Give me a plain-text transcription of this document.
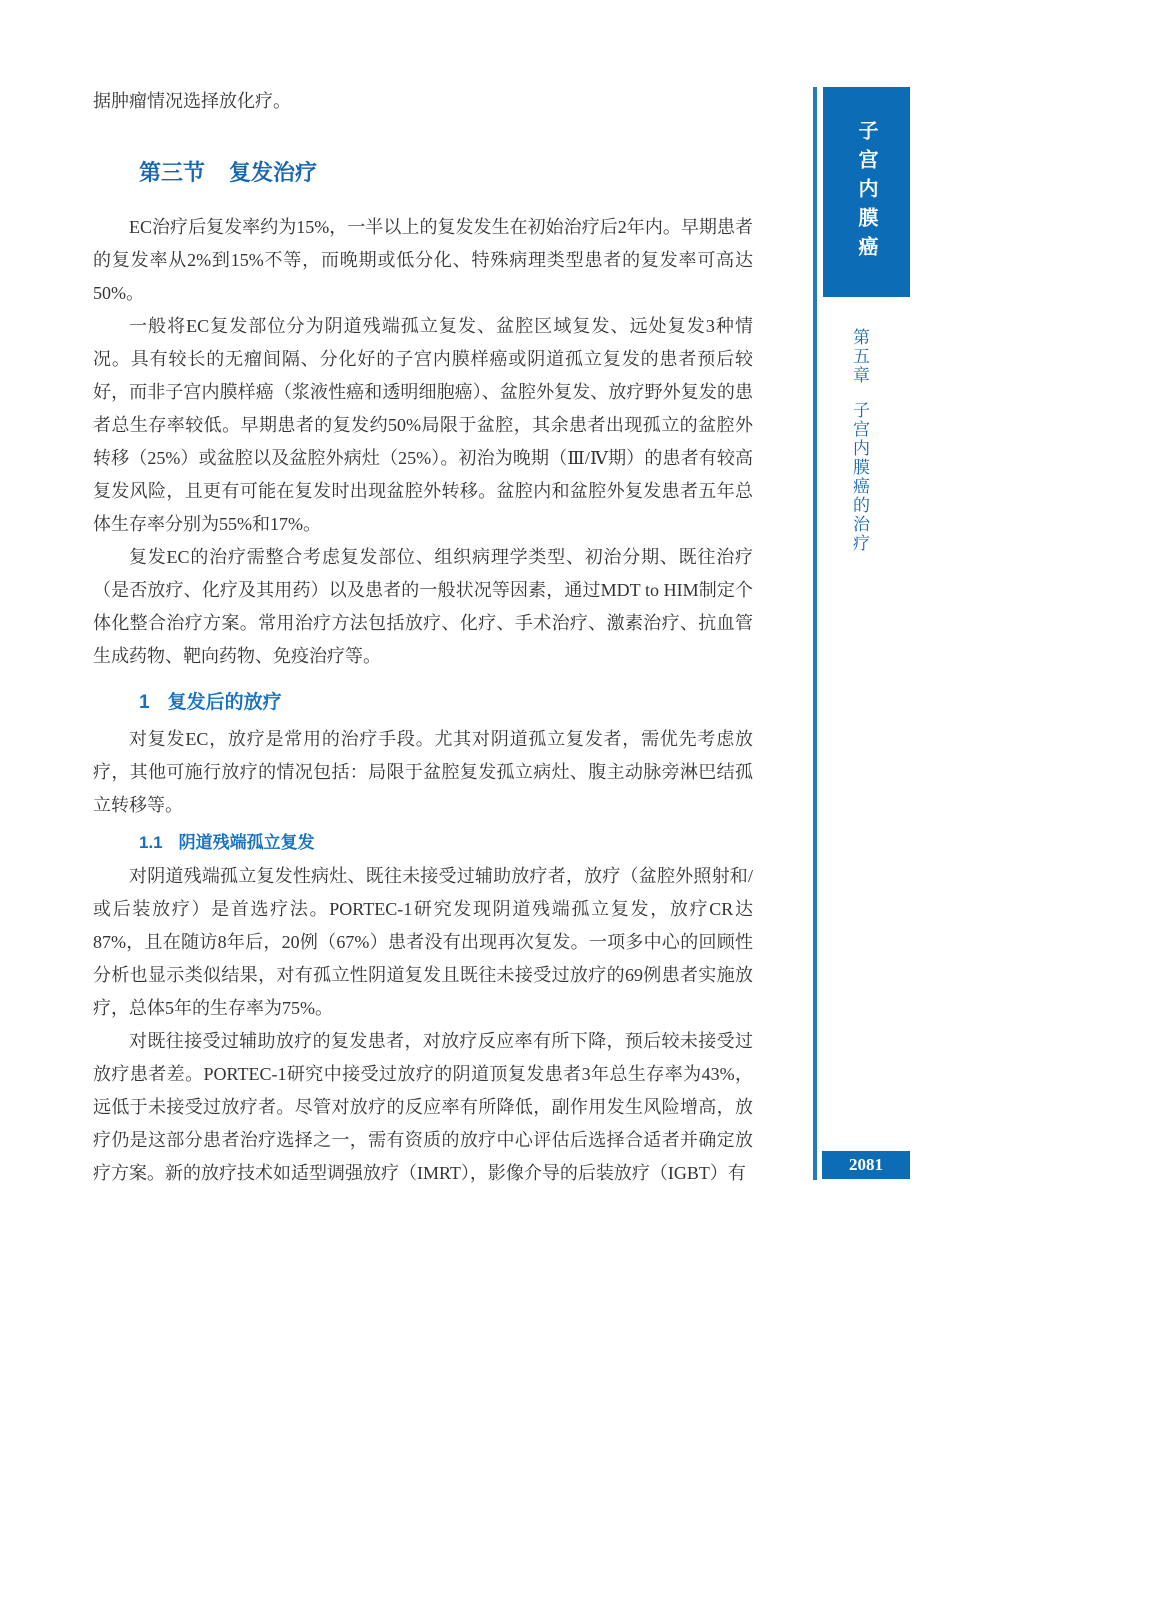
据肿瘤情况选择放化疗。

第三节 复发治疗

EC治疗后复发率约为15%，一半以上的复发发生在初始治疗后2年内。早期患者的复发率从2%到15%不等，而晚期或低分化、特殊病理类型患者的复发率可高达50%。

一般将EC复发部位分为阴道残端孤立复发、盆腔区域复发、远处复发3种情况。具有较长的无瘤间隔、分化好的子宫内膜样癌或阴道孤立复发的患者预后较好，而非子宫内膜样癌（浆液性癌和透明细胞癌）、盆腔外复发、放疗野外复发的患者总生存率较低。早期患者的复发约50%局限于盆腔，其余患者出现孤立的盆腔外转移（25%）或盆腔以及盆腔外病灶（25%）。初治为晚期（Ⅲ/Ⅳ期）的患者有较高复发风险，且更有可能在复发时出现盆腔外转移。盆腔内和盆腔外复发患者五年总体生存率分别为55%和17%。

复发EC的治疗需整合考虑复发部位、组织病理学类型、初治分期、既往治疗（是否放疗、化疗及其用药）以及患者的一般状况等因素，通过MDT to HIM制定个体化整合治疗方案。常用治疗方法包括放疗、化疗、手术治疗、激素治疗、抗血管生成药物、靶向药物、免疫治疗等。

1 复发后的放疗

对复发EC，放疗是常用的治疗手段。尤其对阴道孤立复发者，需优先考虑放疗，其他可施行放疗的情况包括：局限于盆腔复发孤立病灶、腹主动脉旁淋巴结孤立转移等。

1.1 阴道残端孤立复发

对阴道残端孤立复发性病灶、既往未接受过辅助放疗者，放疗（盆腔外照射和/或后装放疗）是首选疗法。PORTEC-1研究发现阴道残端孤立复发，放疗CR达87%，且在随访8年后，20例（67%）患者没有出现再次复发。一项多中心的回顾性分析也显示类似结果，对有孤立性阴道复发且既往未接受过放疗的69例患者实施放疗，总体5年的生存率为75%。

对既往接受过辅助放疗的复发患者，对放疗反应率有所下降，预后较未接受过放疗患者差。PORTEC-1研究中接受过放疗的阴道顶复发患者3年总生存率为43%，远低于未接受过放疗者。尽管对放疗的反应率有所降低，副作用发生风险增高，放疗仍是这部分患者治疗选择之一，需有资质的放疗中心评估后选择合适者并确定放疗方案。新的放疗技术如适型调强放疗（IMRT），影像介导的后装放疗（IGBT）有

子宫内膜癌
第五章子宫内膜癌的治疗
2081
